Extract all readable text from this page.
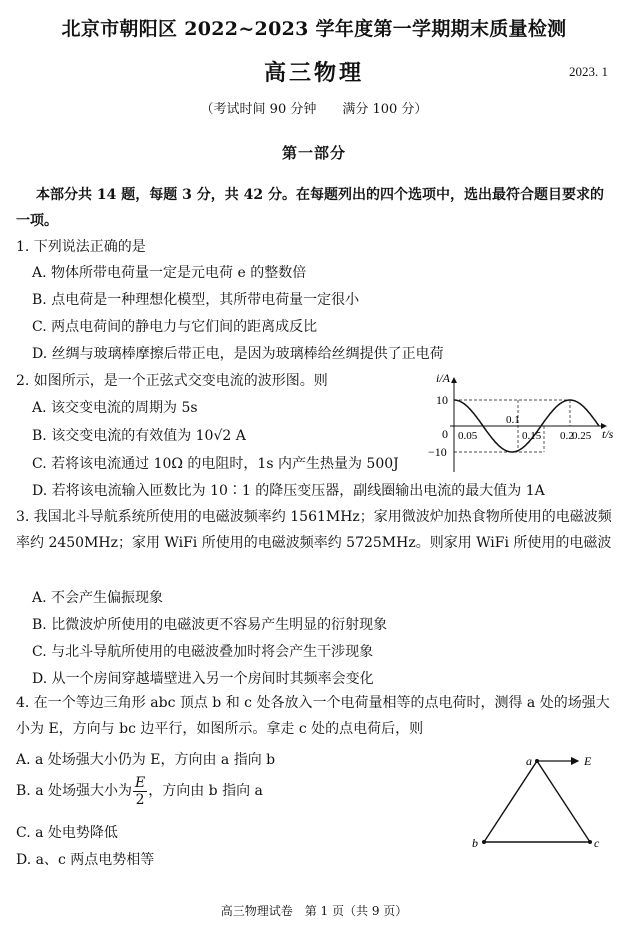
北京市朝阳区 2022~2023 学年度第一学期期末质量检测
高三物理	2023. 1
（考试时间 90 分钟　　满分 100 分）
第一部分
本部分共 14 题，每题 3 分，共 42 分。在每题列出的四个选项中，选出最符合题目要求的一项。
1. 下列说法正确的是
A. 物体所带电荷量一定是元电荷 e 的整数倍
B. 点电荷是一种理想化模型，其所带电荷量一定很小
C. 两点电荷间的静电力与它们间的距离成反比
D. 丝绸与玻璃棒摩擦后带正电，是因为玻璃棒给丝绸提供了正电荷
2. 如图所示，是一个正弦式交变电流的波形图。则
A. 该交变电流的周期为 5s
B. 该交变电流的有效值为 10√2 A
C. 若将该电流通过 10Ω 的电阻时，1s 内产生热量为 500J
D. 若将该电流输入匝数比为 10∶1 的降压变压器，副线圈输出电流的最大值为 1A
i/A
t/s
0
10
−10
0.05
0.1
0.15 0.2
0.25
3. 我国北斗导航系统所使用的电磁波频率约 1561MHz；家用微波炉加热食物所使用的电磁波频率约 2450MHz；家用 WiFi 所使用的电磁波频率约 5725MHz。则家用 WiFi 所使用的电磁波
A. 不会产生偏振现象
B. 比微波炉所使用的电磁波更不容易产生明显的衍射现象
C. 与北斗导航所使用的电磁波叠加时将会产生干涉现象
D. 从一个房间穿越墙壁进入另一个房间时其频率会变化
4. 在一个等边三角形 abc 顶点 b 和 c 处各放入一个电荷量相等的点电荷时，测得 a 处的场强大小为 E，方向与 bc 边平行，如图所示。拿走 c 处的点电荷后，则
A. a 处场强大小仍为 E，方向由 a 指向 b
B. a 处场强大小为 $\frac{E}{2}$ ，方向由 b 指向 a
C. a 处电势降低
D. a、c 两点电势相等
a
b	c
E
高三物理试卷　第 1 页（共 9 页）
